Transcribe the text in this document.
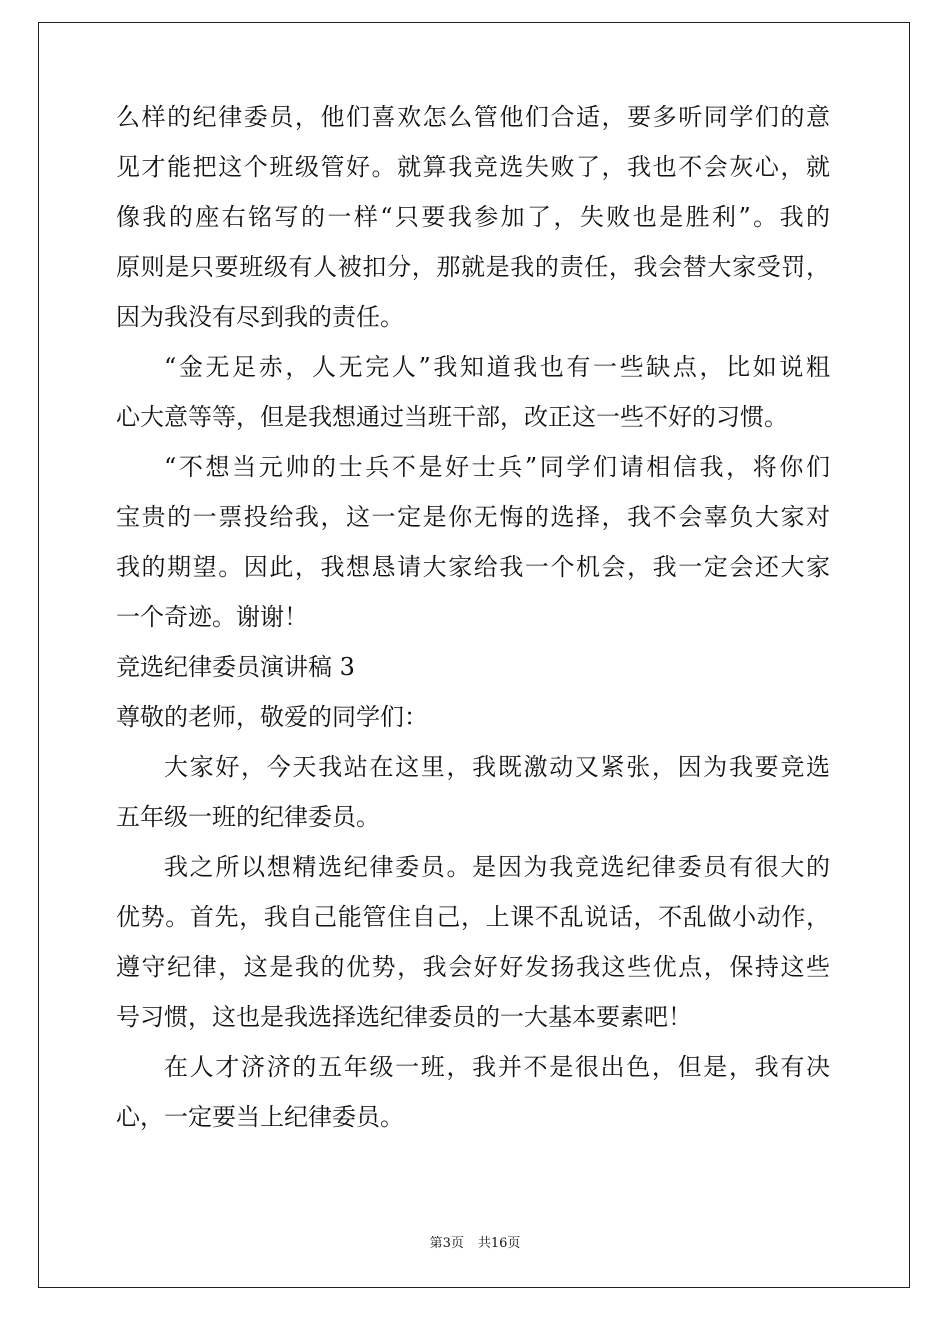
么样的纪律委员，他们喜欢怎么管他们合适，要多听同学们的意
见才能把这个班级管好。就算我竞选失败了，我也不会灰心，就
像我的座右铭写的一样“只要我参加了，失败也是胜利”。我的
原则是只要班级有人被扣分，那就是我的责任，我会替大家受罚，
因为我没有尽到我的责任。
“金无足赤，人无完人”我知道我也有一些缺点，比如说粗
心大意等等，但是我想通过当班干部，改正这一些不好的习惯。
“不想当元帅的士兵不是好士兵”同学们请相信我，将你们
宝贵的一票投给我，这一定是你无悔的选择，我不会辜负大家对
我的期望。因此，我想恳请大家给我一个机会，我一定会还大家
一个奇迹。谢谢！
竞选纪律委员演讲稿 3
尊敬的老师，敬爱的同学们：
大家好，今天我站在这里，我既激动又紧张，因为我要竞选
五年级一班的纪律委员。
我之所以想精选纪律委员。是因为我竞选纪律委员有很大的
优势。首先，我自己能管住自己，上课不乱说话，不乱做小动作，
遵守纪律，这是我的优势，我会好好发扬我这些优点，保持这些
号习惯，这也是我选择选纪律委员的一大基本要素吧！
在人才济济的五年级一班，我并不是很出色，但是，我有决
心，一定要当上纪律委员。
第3页 共16页
